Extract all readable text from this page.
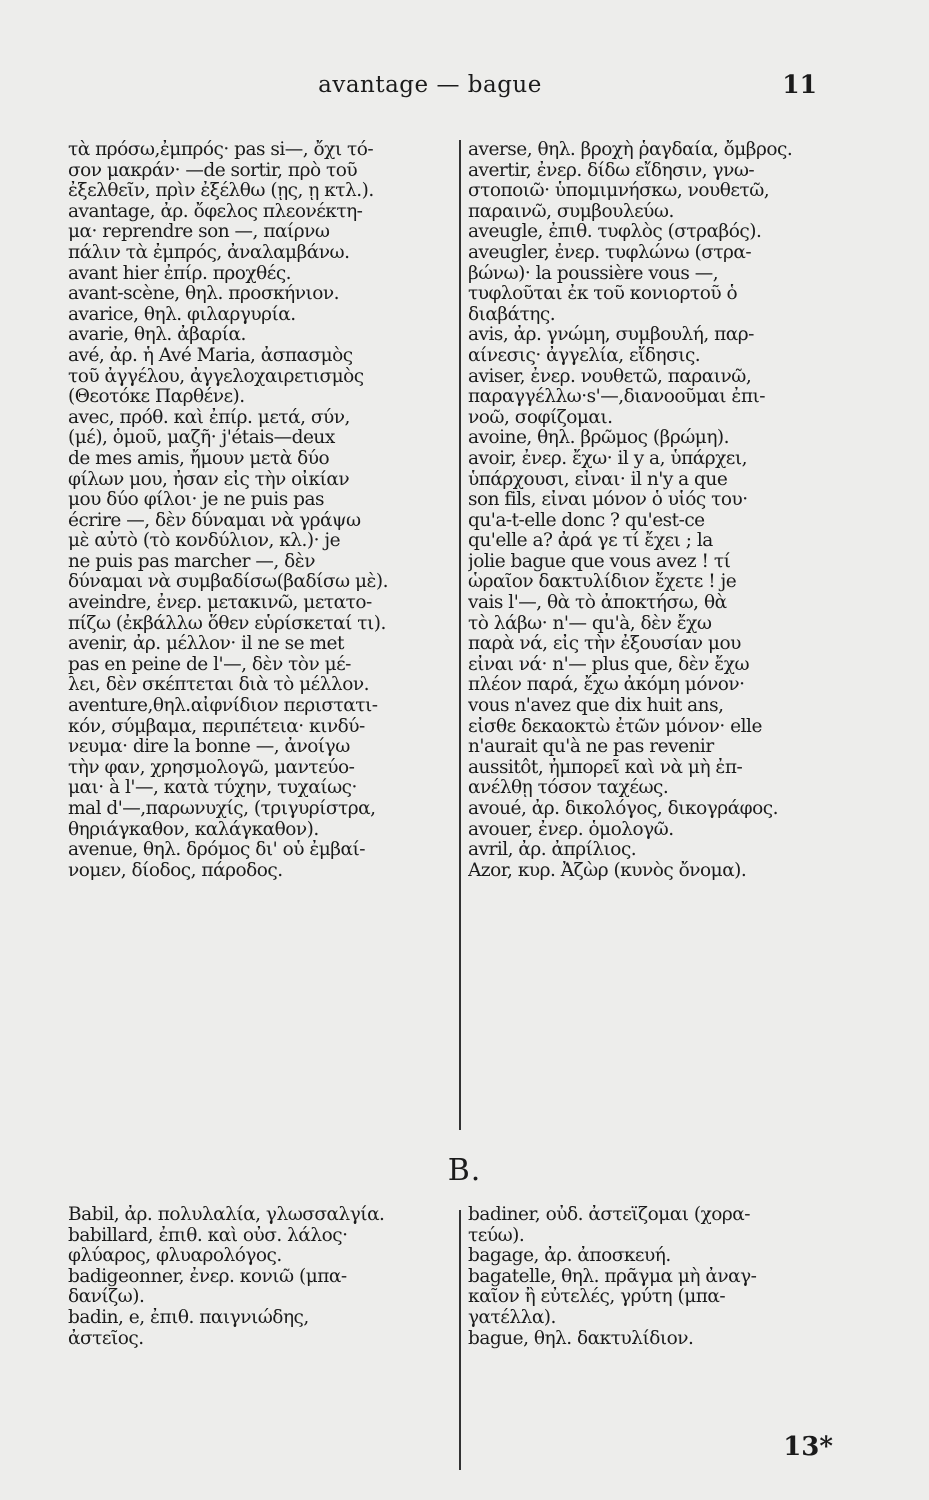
avantage — bague	11
τὰ πρόσω,ἐμπρός· pas si—, ὄχι τό-
σον μακράν· —de sortir, πρὸ τοῦ
ἐξελθεῖν, πρὶν ἐξέλθω (ῃς, ῃ κτλ.).
avantage, ἀρ. ὄφελος πλεονέκτη-
μα· reprendre son —, παίρνω
πάλιν τὰ ἐμπρός, ἀναλαμβάνω.
avant hier ἐπίρ. προχθές.
avant-scène, θηλ. προσκήνιον.
avarice, θηλ. φιλαργυρία.
avarie, θηλ. ἀβαρία.
avé, ἀρ. ἡ Avé Maria, ἀσπασμὸς
τοῦ ἀγγέλου, ἀγγελοχαιρετισμὸς
(Θεοτόκε Παρθένε).
avec, πρόθ. καὶ ἐπίρ. μετά, σύν,
(μέ), ὁμοῦ, μαζῆ· j'étais—deux
de mes amis, ἤμουν μετὰ δύο
φίλων μου, ἦσαν εἰς τὴν οἰκίαν
μου δύο φίλοι· je ne puis pas
écrire —, δὲν δύναμαι νὰ γράψω
μὲ αὐτὸ (τὸ κονδύλιον, κλ.)· je
ne puis pas marcher —, δὲν
δύναμαι νὰ συμβαδίσω(βαδίσω μὲ).
aveindre, ἐνερ. μετακινῶ, μετατο-
πίζω (ἐκβάλλω ὅθεν εὑρίσκεταί τι).
avenir, ἀρ. μέλλον· il ne se met
pas en peine de l'—, δὲν τὸν μέ-
λει, δὲν σκέπτεται διὰ τὸ μέλλον.
aventure,θηλ.αἰφνίδιον περιστατι-
κόν, σύμβαμα, περιπέτεια· κινδύ-
νευμα· dire la bonne —, ἀνοίγω
τὴν φαν, χρησμολογῶ, μαντεύο-
μαι· à l'—, κατὰ τύχην, τυχαίως·
mal d'—,παρωνυχίς, (τριγυρίστρα,
θηριάγκαθον, καλάγκαθον).
avenue, θηλ. δρόμος δι' οὗ ἐμβαί-
νομεν, δίοδος, πάροδος.
averse, θηλ. βροχὴ ῥαγδαία, ὄμβρος.
avertir, ἐνερ. δίδω εἴδησιν, γνω-
στοποιῶ· ὑπομιμνήσκω, νουθετῶ,
παραινῶ, συμβουλεύω.
aveugle, ἐπιθ. τυφλὸς (στραβός).
aveugler, ἐνερ. τυφλώνω (στρα-
βώνω)· la poussière vous —,
τυφλοῦται ἐκ τοῦ κονιορτοῦ ὁ
διαβάτης.
avis, ἀρ. γνώμη, συμβουλή, παρ-
αίνεσις· ἀγγελία, εἴδησις.
aviser, ἐνερ. νουθετῶ, παραινῶ,
παραγγέλλω·s'—,διανοοῦμαι ἐπι-
νοῶ, σοφίζομαι.
avoine, θηλ. βρῶμος (βρώμη).
avoir, ἐνερ. ἔχω· il y a, ὑπάρχει,
ὑπάρχουσι, εἶναι· il n'y a que
son fils, εἶναι μόνον ὁ υἱός του·
qu'a-t-elle donc ? qu'est-ce
qu'elle a? ἆρά γε τί ἔχει ; la
jolie bague que vous avez ! τί
ὡραῖον δακτυλίδιον ἔχετε ! je
vais l'—, θὰ τὸ ἀποκτήσω, θὰ
τὸ λάβω· n'— qu'à, δὲν ἔχω
παρὰ νά, εἰς τὴν ἐξουσίαν μου
εἶναι νά· n'— plus que, δὲν ἔχω
πλέον παρά, ἔχω ἀκόμη μόνον·
vous n'avez que dix huit ans,
εἶσθε δεκαοκτὼ ἐτῶν μόνον· elle
n'aurait qu'à ne pas revenir
aussitôt, ἠμπορεῖ καὶ νὰ μὴ ἐπ-
ανέλθῃ τόσον ταχέως.
avoué, ἀρ. δικολόγος, δικογράφος.
avouer, ἐνερ. ὁμολογῶ.
avril, ἀρ. ἀπρίλιος.
Azor, κυρ. Ἀζὼρ (κυνὸς ὄνομα).
B.
Babil, ἀρ. πολυλαλία, γλωσσαλγία.
babillard, ἐπιθ. καὶ οὐσ. λάλος·
φλύαρος, φλυαρολόγος.
badigeonner, ἐνερ. κονιῶ (μπα-
δανίζω).
badin, e, ἐπιθ. παιγνιώδης,
ἀστεῖος.
badiner, οὐδ. ἀστεΐζομαι (χορα-
τεύω).
bagage, ἀρ. ἀποσκευή.
bagatelle, θηλ. πρᾶγμα μὴ ἀναγ-
καῖον ἢ εὐτελές, γρύτη (μπα-
γατέλλα).
bague, θηλ. δακτυλίδιον.
13*
